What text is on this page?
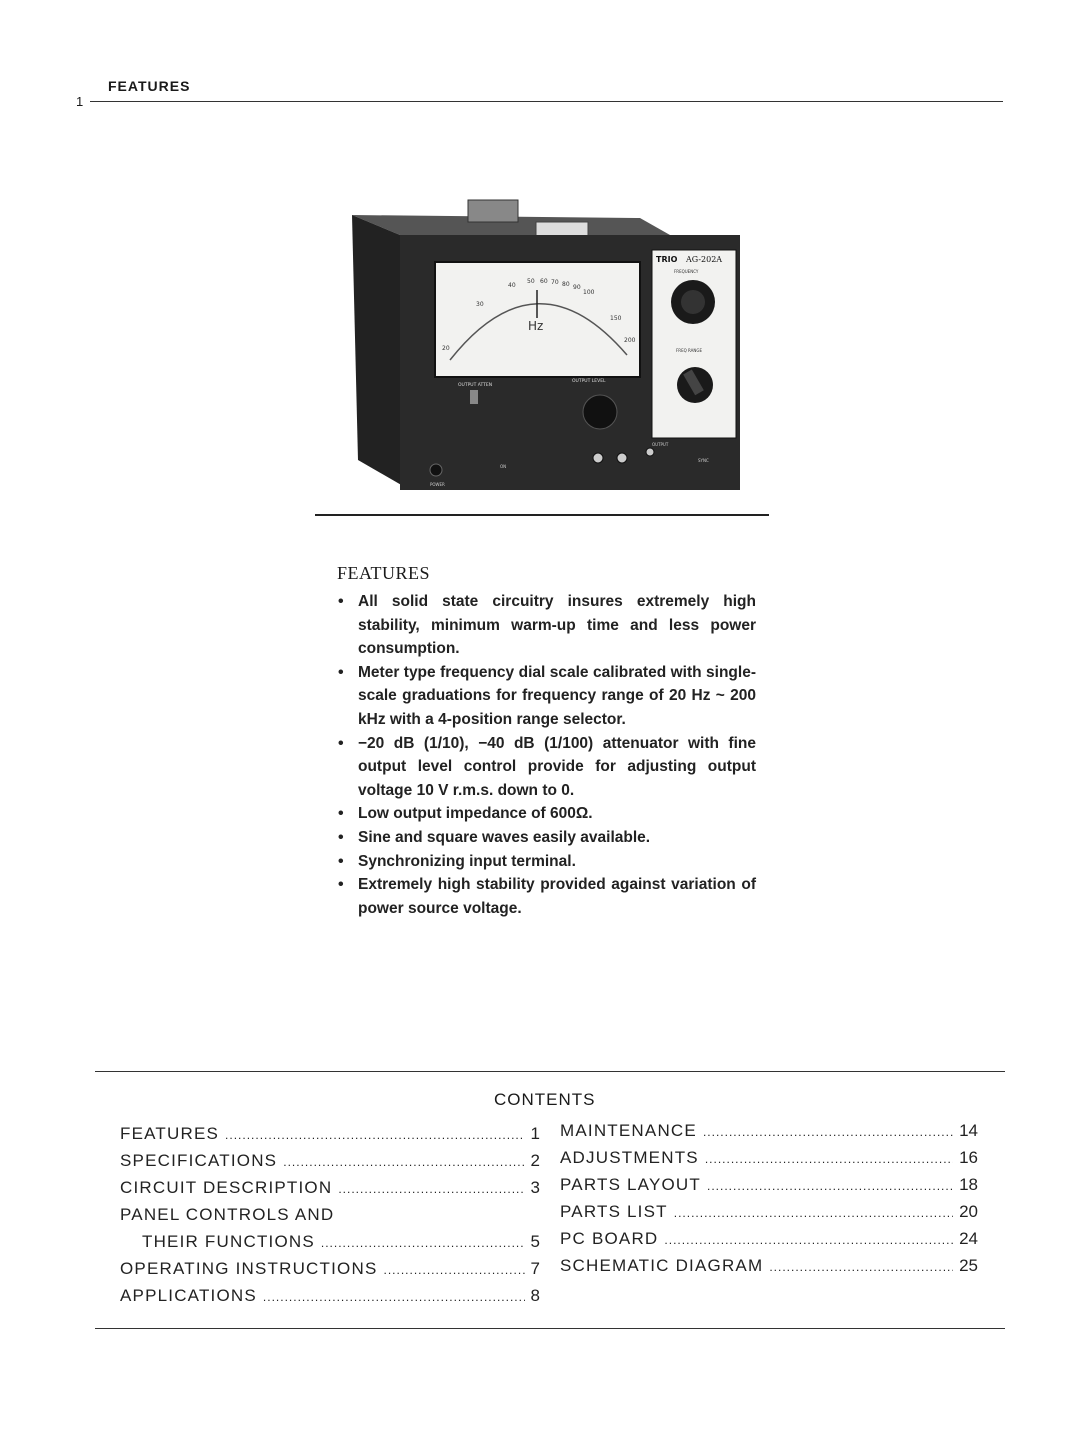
FEATURES
1
20
30
40
50 60 70 80 90
100
150
200
Hz
TRIO AG-202A
FREQUENCY
FREQ RANGE
OUTPUT ATTEN
OUTPUT LEVEL
POWER
ON
OUTPUT
SYNC
FEATURES
• All solid state circuitry insures extremely high stability, minimum warm-up time and less power consumption.
• Meter type frequency dial scale calibrated with single-scale graduations for frequency range of 20 Hz ~ 200 kHz with a 4-position range selector.
• −20 dB (1/10), −40 dB (1/100) attenuator with fine output level control provide for adjusting output voltage 10 V r.m.s. down to 0.
• Low output impedance of 600Ω.
• Sine and square waves easily available.
• Synchronizing input terminal.
• Extremely high stability provided against variation of power source voltage.
CONTENTS
FEATURES .....	1
SPECIFICATIONS .....	2
CIRCUIT DESCRIPTION .....	3
PANEL CONTROLS AND
THEIR FUNCTIONS .....	5
OPERATING INSTRUCTIONS .....	7
APPLICATIONS .....	8
MAINTENANCE .....	14
ADJUSTMENTS .....	16
PARTS LAYOUT .....	18
PARTS LIST .....	20
PC BOARD .....	24
SCHEMATIC DIAGRAM .....	25
